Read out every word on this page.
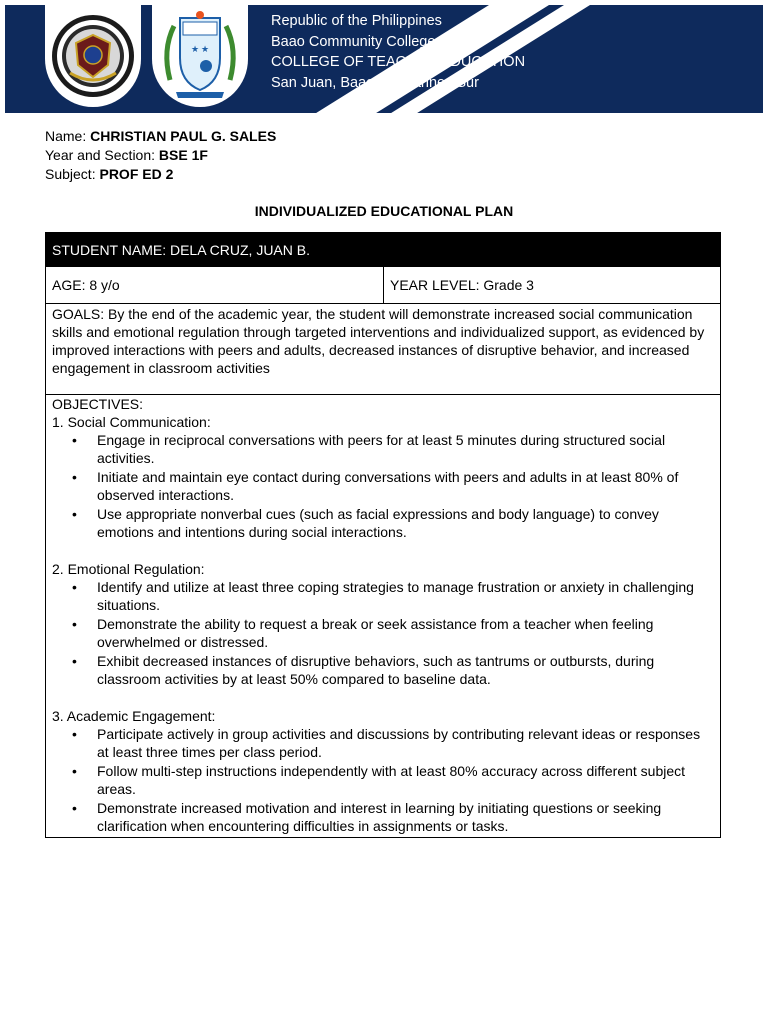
★ ★
Republic of the Philippines
Baao Community College
COLLEGE OF TEACHER EDUCATION
San Juan, Baao, Camarines Sur
Name: CHRISTIAN PAUL G. SALES
Year and Section: BSE 1F
Subject: PROF ED 2
INDIVIDUALIZED EDUCATIONAL PLAN
STUDENT NAME: DELA CRUZ, JUAN B.
AGE: 8 y/o	YEAR LEVEL: Grade 3
GOALS: By the end of the academic year, the student will demonstrate increased social communication skills and emotional regulation through targeted interventions and individualized support, as evidenced by improved interactions with peers and adults, decreased instances of disruptive behavior, and increased engagement in classroom activities
OBJECTIVES:
1. Social Communication:
• Engage in reciprocal conversations with peers for at least 5 minutes during structured social activities.
• Initiate and maintain eye contact during conversations with peers and adults in at least 80% of observed interactions.
• Use appropriate nonverbal cues (such as facial expressions and body language) to convey emotions and intentions during social interactions.
2. Emotional Regulation:
• Identify and utilize at least three coping strategies to manage frustration or anxiety in challenging situations.
• Demonstrate the ability to request a break or seek assistance from a teacher when feeling overwhelmed or distressed.
• Exhibit decreased instances of disruptive behaviors, such as tantrums or outbursts, during classroom activities by at least 50% compared to baseline data.
3. Academic Engagement:
• Participate actively in group activities and discussions by contributing relevant ideas or responses at least three times per class period.
• Follow multi-step instructions independently with at least 80% accuracy across different subject areas.
• Demonstrate increased motivation and interest in learning by initiating questions or seeking clarification when encountering difficulties in assignments or tasks.
